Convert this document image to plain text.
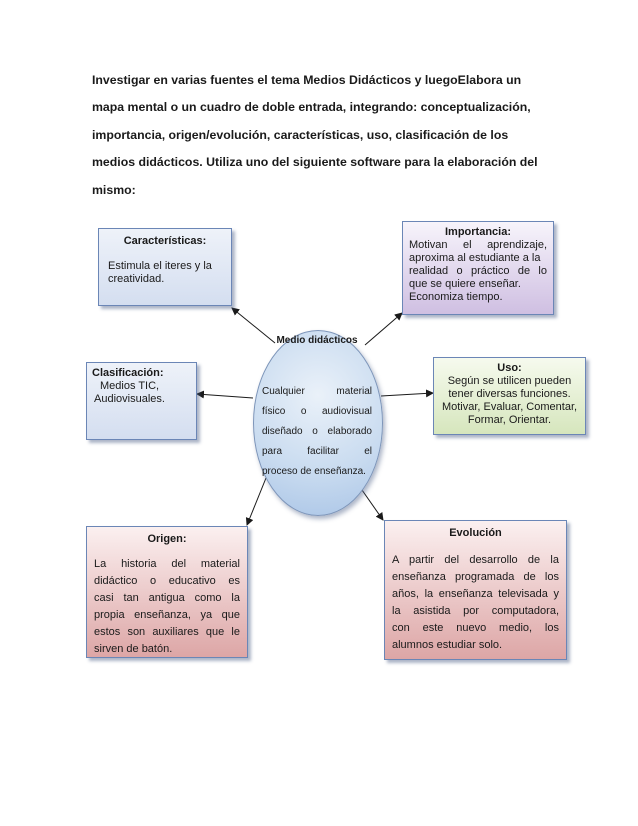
Investigar en varias fuentes el tema Medios Didácticos y luegoElabora un
mapa mental o un cuadro de doble entrada, integrando: conceptualización,
importancia, origen/evolución, características, uso, clasificación de los
medios didácticos. Utiliza uno del siguiente software para la elaboración del
mismo:
Características:
Estimula el iteres y la
creatividad.
Importancia:
Motivan el aprendizaje,
aproxima al estudiante a la
realidad o práctico de lo
que se quiere enseñar.
Economiza tiempo.
Clasificación:
Medios TIC,
Audiovisuales.
Uso:
Según se utilicen pueden
tener diversas funciones.
Motivar, Evaluar, Comentar,
Formar, Orientar.
Origen:
La historia del material
didáctico o educativo es
casi tan antigua como la
propia enseñanza, ya que
estos son auxiliares que le
sirven de batón.
Evolución
A partir del desarrollo de la
enseñanza programada de los
años, la enseñanza televisada y
la asistida por computadora,
con este nuevo medio, los
alumnos estudiar solo.
Medio didácticos
Cualquier material
físico o audiovisual
diseñado o elaborado
para facilitar el
proceso de enseñanza.
